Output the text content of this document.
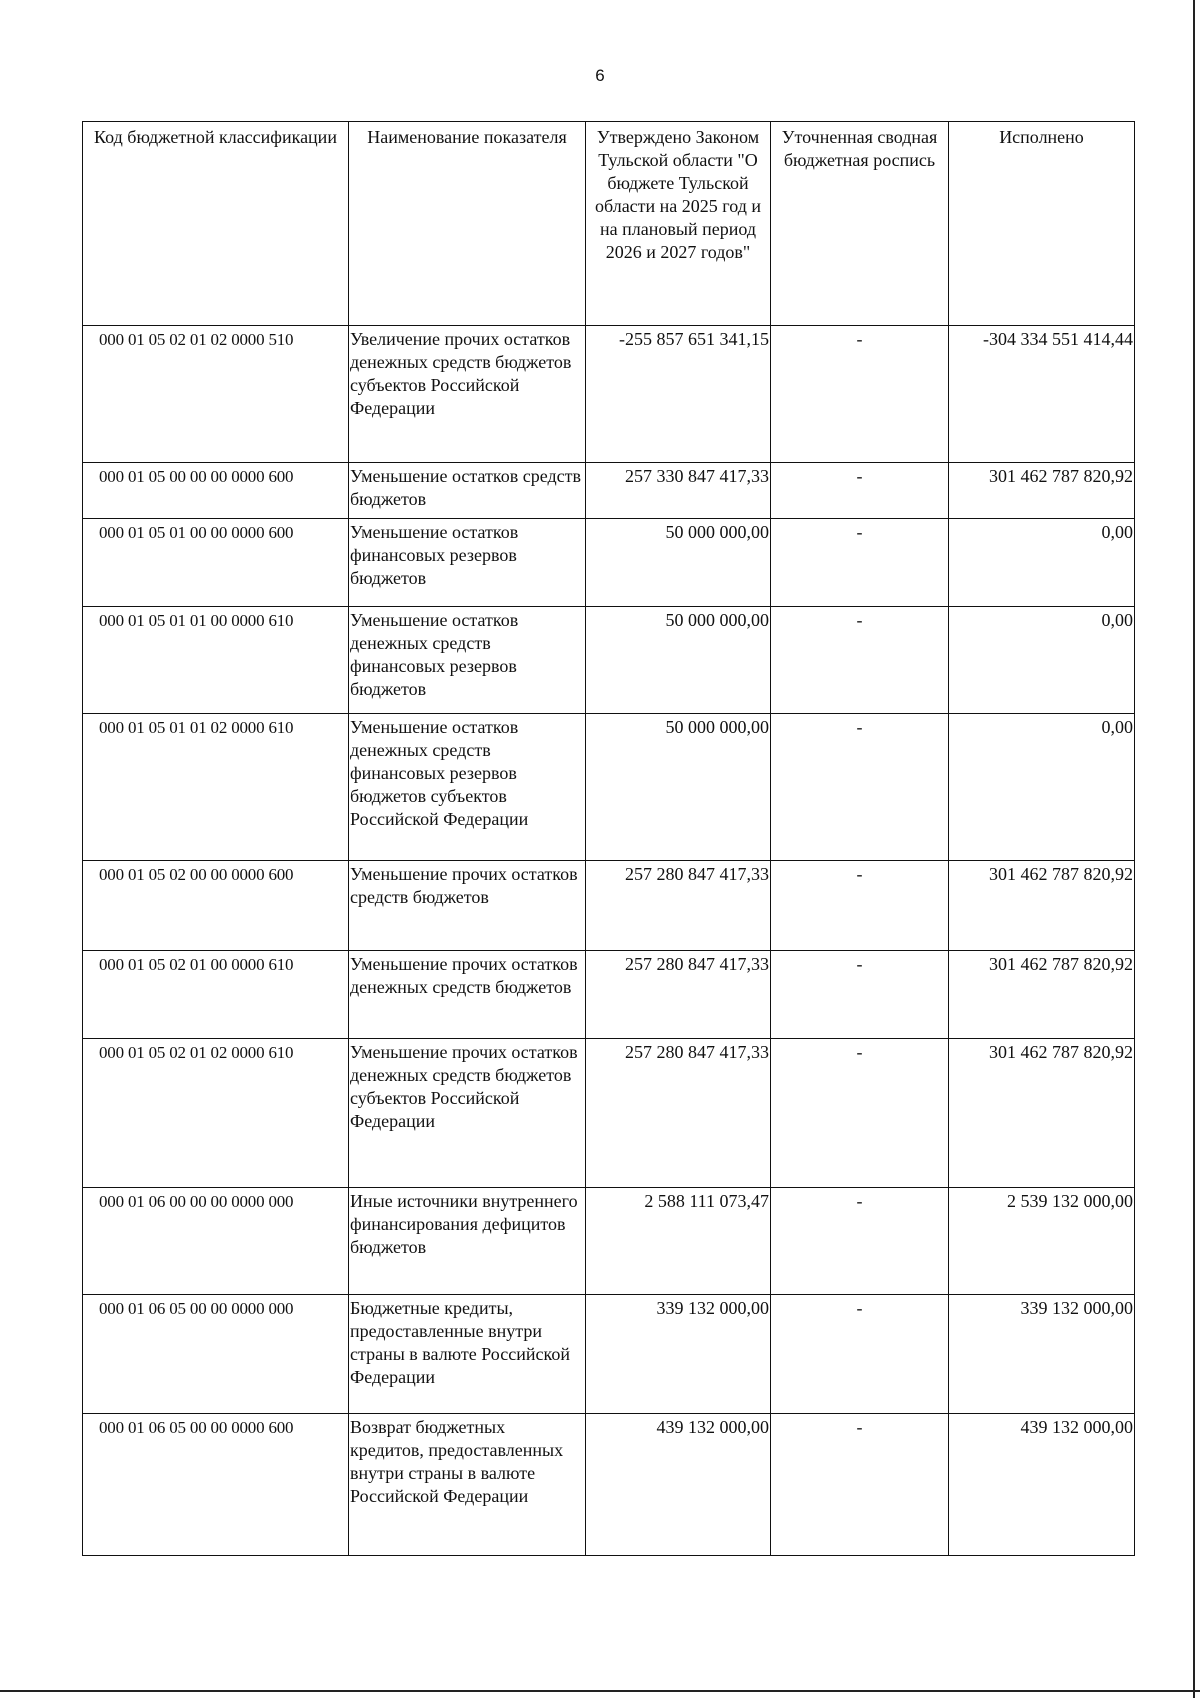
6
Код бюджетной классификации	Наименование показателя	Утверждено Законом Тульской области "О бюджете Тульской области на 2025 год и на плановый период 2026 и 2027 годов"	Уточненная сводная бюджетная роспись	Исполнено
000 01 05 02 01 02 0000 510	Увеличение прочих остатков денежных средств бюджетов субъектов Российской Федерации	-255 857 651 341,15	-	-304 334 551 414,44
000 01 05 00 00 00 0000 600	Уменьшение остатков средств бюджетов	257 330 847 417,33	-	301 462 787 820,92
000 01 05 01 00 00 0000 600	Уменьшение остатков финансовых резервов бюджетов	50 000 000,00	-	0,00
000 01 05 01 01 00 0000 610	Уменьшение остатков денежных средств финансовых резервов бюджетов	50 000 000,00	-	0,00
000 01 05 01 01 02 0000 610	Уменьшение остатков денежных средств финансовых резервов бюджетов субъектов Российской Федерации	50 000 000,00	-	0,00
000 01 05 02 00 00 0000 600	Уменьшение прочих остатков средств бюджетов	257 280 847 417,33	-	301 462 787 820,92
000 01 05 02 01 00 0000 610	Уменьшение прочих остатков денежных средств бюджетов	257 280 847 417,33	-	301 462 787 820,92
000 01 05 02 01 02 0000 610	Уменьшение прочих остатков денежных средств бюджетов субъектов Российской Федерации	257 280 847 417,33	-	301 462 787 820,92
000 01 06 00 00 00 0000 000	Иные источники внутреннего финансирования дефицитов бюджетов	2 588 111 073,47	-	2 539 132 000,00
000 01 06 05 00 00 0000 000	Бюджетные кредиты, предоставленные внутри страны в валюте Российской Федерации	339 132 000,00	-	339 132 000,00
000 01 06 05 00 00 0000 600	Возврат бюджетных кредитов, предоставленных внутри страны в валюте Российской Федерации	439 132 000,00	-	439 132 000,00
